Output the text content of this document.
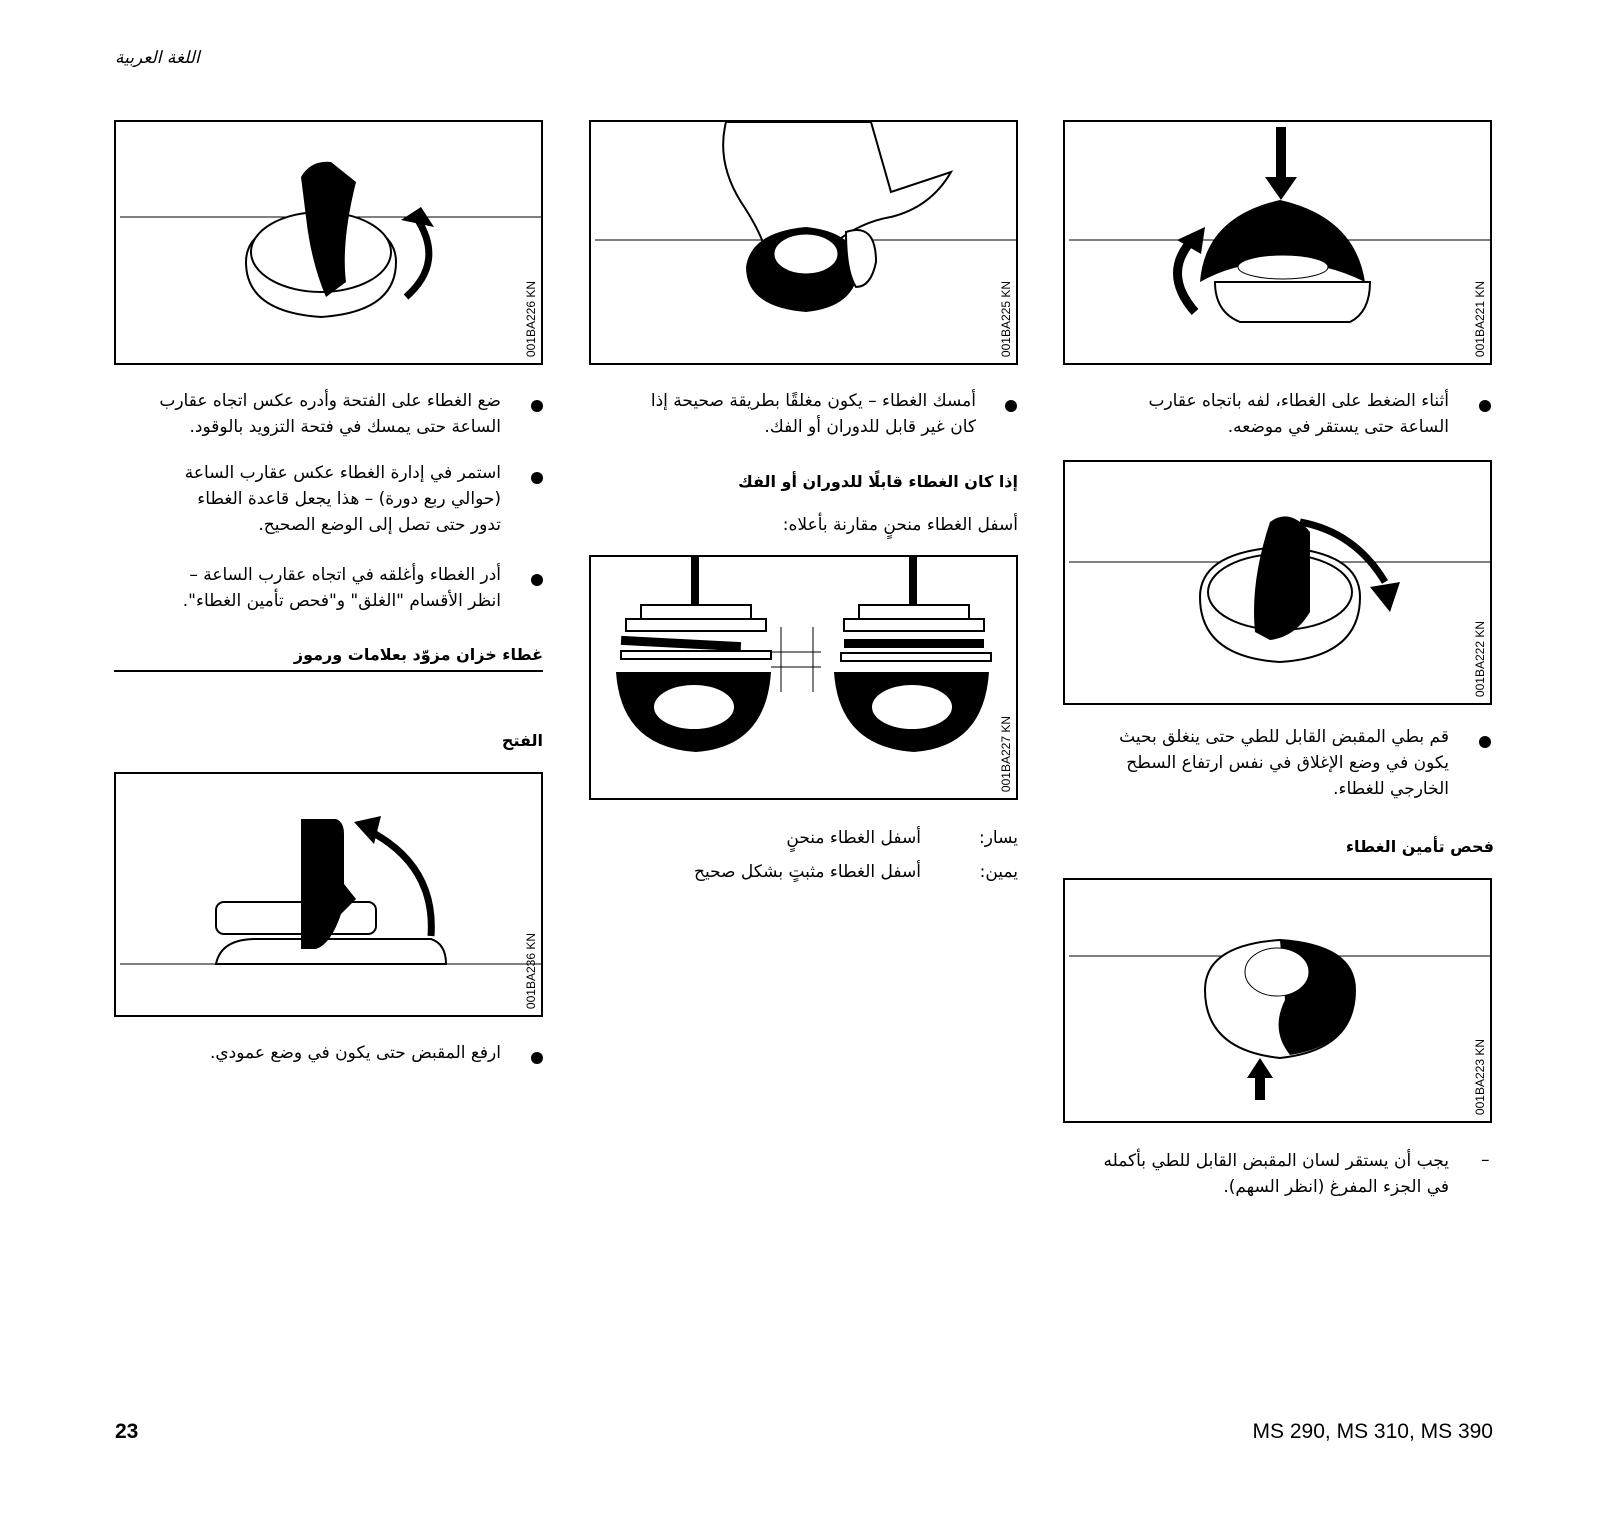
اللغة العربية
001BA221 KN
أثناء الضغط على الغطاء، لفه باتجاه عقارب
الساعة حتى يستقر في موضعه.
001BA222 KN
قم بطي المقبض القابل للطي حتى ينغلق بحيث
يكون في وضع الإغلاق في نفس ارتفاع السطح
الخارجي للغطاء.
فحص تأمين الغطاء
001BA223 KN
–
يجب أن يستقر لسان المقبض القابل للطي بأكمله
في الجزء المفرغ (انظر السهم).
001BA225 KN
أمسك الغطاء – يكون مغلقًا بطريقة صحيحة إذا
كان غير قابل للدوران أو الفك.
إذا كان الغطاء قابلًا للدوران أو الفك
أسفل الغطاء منحنٍ مقارنة بأعلاه:
001BA227 KN
يسار:
أسفل الغطاء منحنٍ
يمين:
أسفل الغطاء مثبتٍ بشكل صحيح
001BA226 KN
ضع الغطاء على الفتحة وأدره عكس اتجاه عقارب
الساعة حتى يمسك في فتحة التزويد بالوقود.
استمر في إدارة الغطاء عكس عقارب الساعة
(حوالي ربع دورة) – هذا يجعل قاعدة الغطاء
تدور حتى تصل إلى الوضع الصحيح.
أدر الغطاء وأغلقه في اتجاه عقارب الساعة –
انظر الأقسام "الغلق" و"فحص تأمين الغطاء".
غطاء خزان مزوّد بعلامات ورموز
الفتح
001BA236 KN
ارفع المقبض حتى يكون في وضع عمودي.
23	MS 290, MS 310, MS 390
